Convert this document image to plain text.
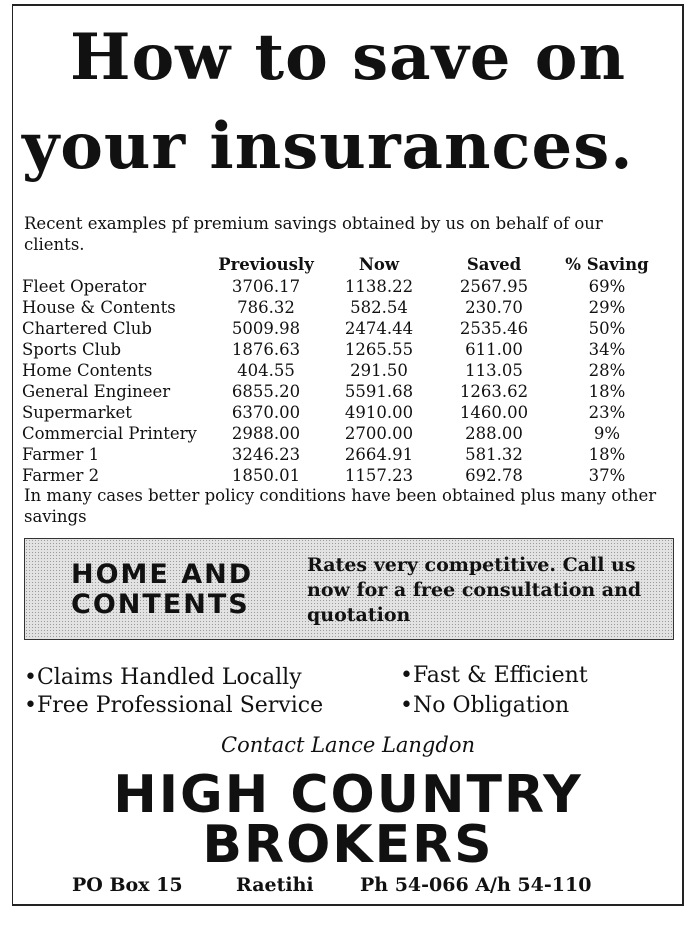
How to save on
your insurances.

Recent examples pf premium savings obtained by us on behalf of our clients.

	Previously	Now	Saved	% Saving
Fleet Operator	3706.17	1138.22	2567.95	69%
House & Contents	786.32	582.54	230.70	29%
Chartered Club	5009.98	2474.44	2535.46	50%
Sports Club	1876.63	1265.55	611.00	34%
Home Contents	404.55	291.50	113.05	28%
General Engineer	6855.20	5591.68	1263.62	18%
Supermarket	6370.00	4910.00	1460.00	23%
Commercial Printery	2988.00	2700.00	288.00	9%
Farmer 1	3246.23	2664.91	581.32	18%
Farmer 2	1850.01	1157.23	692.78	37%

In many cases better policy conditions have been obtained plus many other savings

HOME AND
CONTENTS

Rates very competitive. Call us now for a free consultation and quotation

•Claims Handled Locally
•Free Professional Service
•Fast & Efficient
•No Obligation

Contact Lance Langdon

HIGH COUNTRY
BROKERS
PO Box 15	Raetihi Ph 54-066 A/h 54-110
